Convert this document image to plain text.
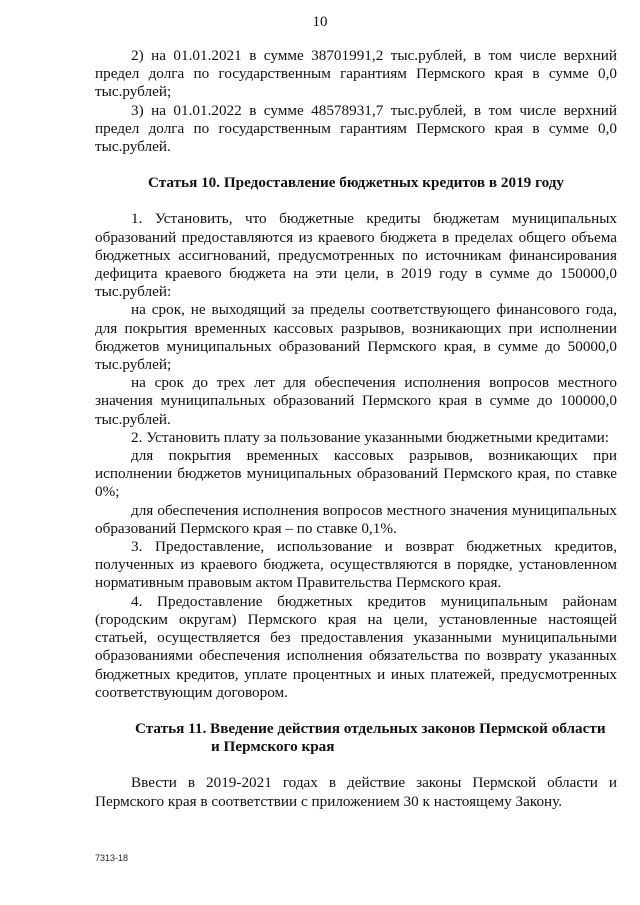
10

2) на 01.01.2021 в сумме 38701991,2 тыс.рублей, в том числе верхний предел долга по государственным гарантиям Пермского края в сумме 0,0 тыс.рублей;

3) на 01.01.2022 в сумме 48578931,7 тыс.рублей, в том числе верхний предел долга по государственным гарантиям Пермского края в сумме 0,0 тыс.рублей.

Статья 10. Предоставление бюджетных кредитов в 2019 году

1. Установить, что бюджетные кредиты бюджетам муниципальных образований предоставляются из краевого бюджета в пределах общего объема бюджетных ассигнований, предусмотренных по источникам финансирования дефицита краевого бюджета на эти цели, в 2019 году в сумме до 150000,0 тыс.рублей:

на срок, не выходящий за пределы соответствующего финансового года, для покрытия временных кассовых разрывов, возникающих при исполнении бюджетов муниципальных образований Пермского края, в сумме до 50000,0 тыс.рублей;

на срок до трех лет для обеспечения исполнения вопросов местного значения муниципальных образований Пермского края в сумме до 100000,0 тыс.рублей.

2. Установить плату за пользование указанными бюджетными кредитами:

для покрытия временных кассовых разрывов, возникающих при исполнении бюджетов муниципальных образований Пермского края, по ставке 0%;

для обеспечения исполнения вопросов местного значения муниципальных образований Пермского края – по ставке 0,1%.

3. Предоставление, использование и возврат бюджетных кредитов, полученных из краевого бюджета, осуществляются в порядке, установленном нормативным правовым актом Правительства Пермского края.

4. Предоставление бюджетных кредитов муниципальным районам (городским округам) Пермского края на цели, установленные настоящей статьей, осуществляется без предоставления указанными муниципальными образованиями обеспечения исполнения обязательства по возврату указанных бюджетных кредитов, уплате процентных и иных платежей, предусмотренных соответствующим договором.

Статья 11. Введение действия отдельных законов Пермской области
и Пермского края

Ввести в 2019-2021 годах в действие законы Пермской области и Пермского края в соответствии с приложением 30 к настоящему Закону.

7313-18
